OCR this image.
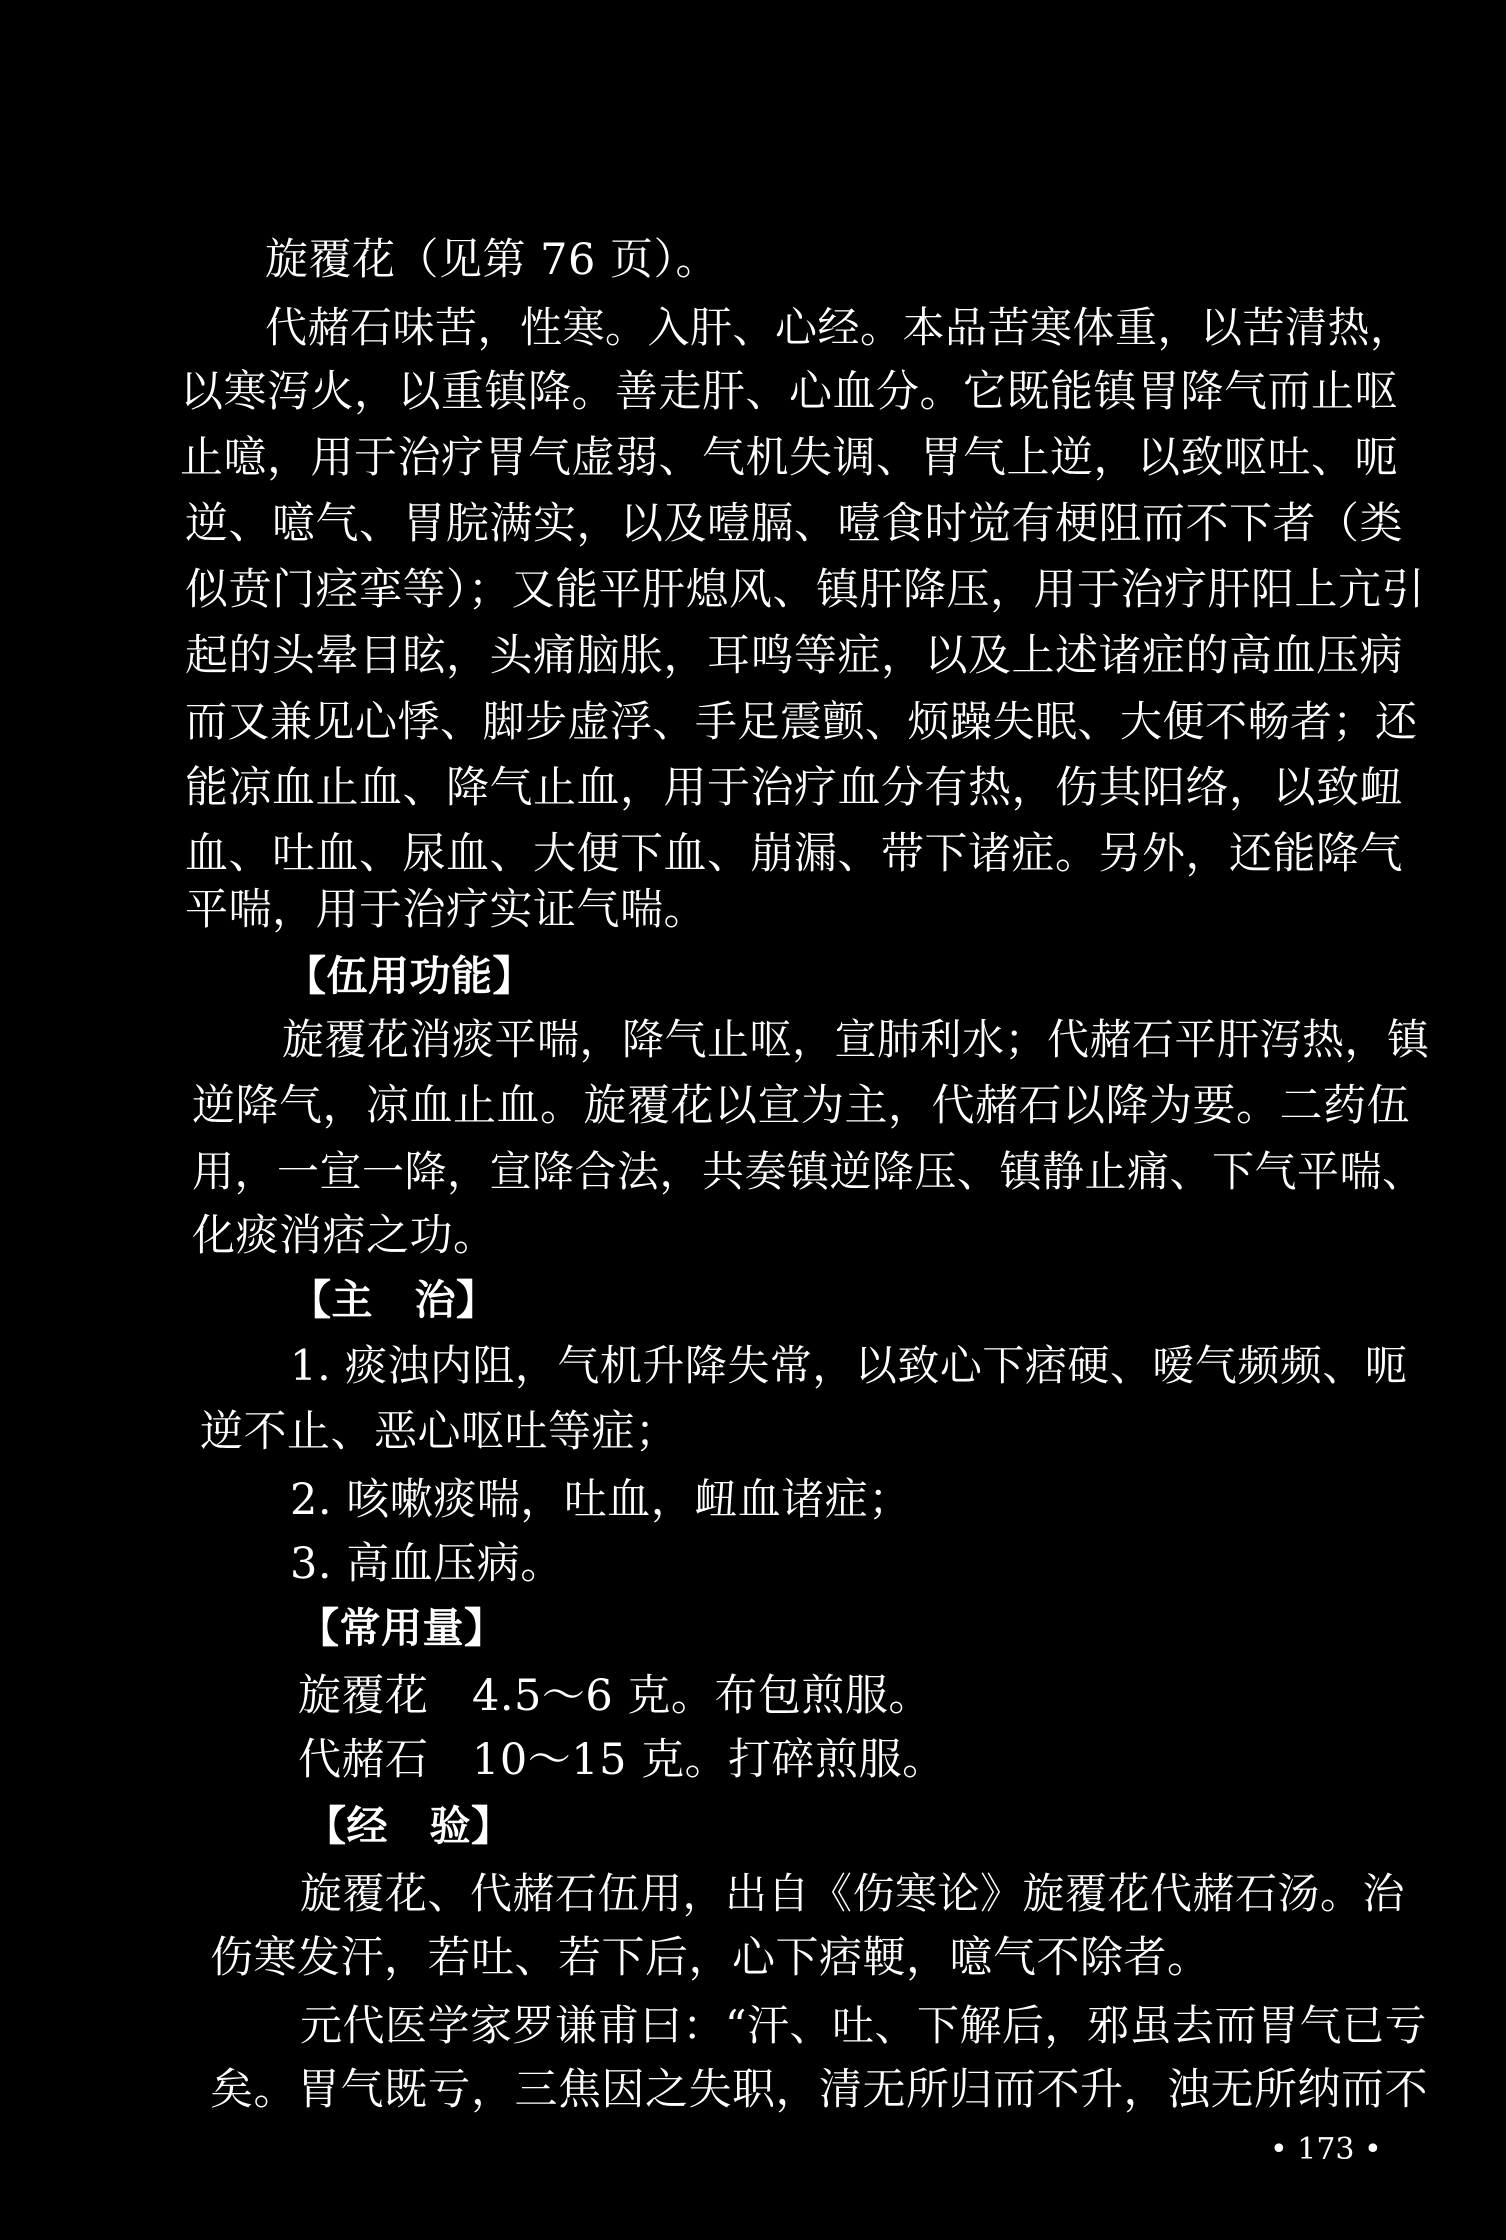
旋覆花（见第 76 页）。
代赭石味苦，性寒。入肝、心经。本品苦寒体重，以苦清热，
以寒泻火，以重镇降。善走肝、心血分。它既能镇胃降气而止呕
止噫，用于治疗胃气虚弱、气机失调、胃气上逆，以致呕吐、呃
逆、噫气、胃脘满实，以及噎膈、噎食时觉有梗阻而不下者（类
似贲门痉挛等）；又能平肝熄风、镇肝降压，用于治疗肝阳上亢引
起的头晕目眩，头痛脑胀，耳鸣等症，以及上述诸症的高血压病
而又兼见心悸、脚步虚浮、手足震颤、烦躁失眠、大便不畅者；还
能凉血止血、降气止血，用于治疗血分有热，伤其阳络，以致衄
血、吐血、尿血、大便下血、崩漏、带下诸症。另外，还能降气
平喘，用于治疗实证气喘。
【伍用功能】
旋覆花消痰平喘，降气止呕，宣肺利水；代赭石平肝泻热，镇
逆降气，凉血止血。旋覆花以宣为主，代赭石以降为要。二药伍
用，一宣一降，宣降合法，共奏镇逆降压、镇静止痛、下气平喘、
化痰消痞之功。
【主　治】
1. 痰浊内阻，气机升降失常，以致心下痞硬、嗳气频频、呃
逆不止、恶心呕吐等症；
2. 咳嗽痰喘，吐血，衄血诸症；
3. 高血压病。
【常用量】
旋覆花　4.5～6 克。布包煎服。
代赭石　10～15 克。打碎煎服。
【经　验】
旋覆花、代赭石伍用，出自《伤寒论》旋覆花代赭石汤。治
伤寒发汗，若吐、若下后，心下痞鞕，噫气不除者。
元代医学家罗谦甫曰：“汗、吐、下解后，邪虽去而胃气已亏
矣。胃气既亏，三焦因之失职，清无所归而不升，浊无所纳而不
• 173 •
